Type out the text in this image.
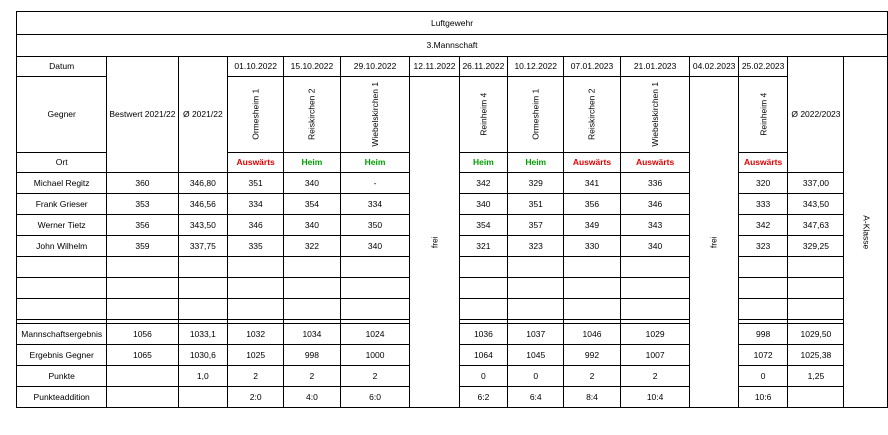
Luftgewehr														
3.Mannschaft														
Datum	Bestwert 2021/22	Ø 2021/22	01.10.2022	15.10.2022	29.10.2022	12.11.2022	26.11.2022	10.12.2022	07.01.2023	21.01.2023	04.02.2023	25.02.2023	Ø 2022/2023	A-Klasse
Gegner			Ormesheim 1	Reiskirchen 2	Wiebelskirchen 1	frei	Reinheim 4	Ormesheim 1	Reiskirchen 2	Wiebelskirchen 1	frei	Reinheim 4		
Ort			Auswärts	Heim	Heim		Heim	Heim	Auswärts	Auswärts		Auswärts		
Michael Regitz	360	346,80	351	340	-		342	329	341	336		320	337,00	
Frank Grieser	353	346,56	334	354	334		340	351	356	346		333	343,50	
Werner Tietz	356	343,50	346	340	350		354	357	349	343		342	347,63	
John Wilhelm	359	337,75	335	322	340		321	323	330	340		323	329,25	

Mannschaftsergebnis	1056	1033,1	1032	1034	1024		1036	1037	1046	1029		998	1029,50	
Ergebnis Gegner	1065	1030,6	1025	998	1000		1064	1045	992	1007		1072	1025,38	
Punkte		1,0	2	2	2		0	0	2	2		0	1,25	
Punkteaddition			2:0	4:0	6:0		6:2	6:4	8:4	10:4		10:6		
